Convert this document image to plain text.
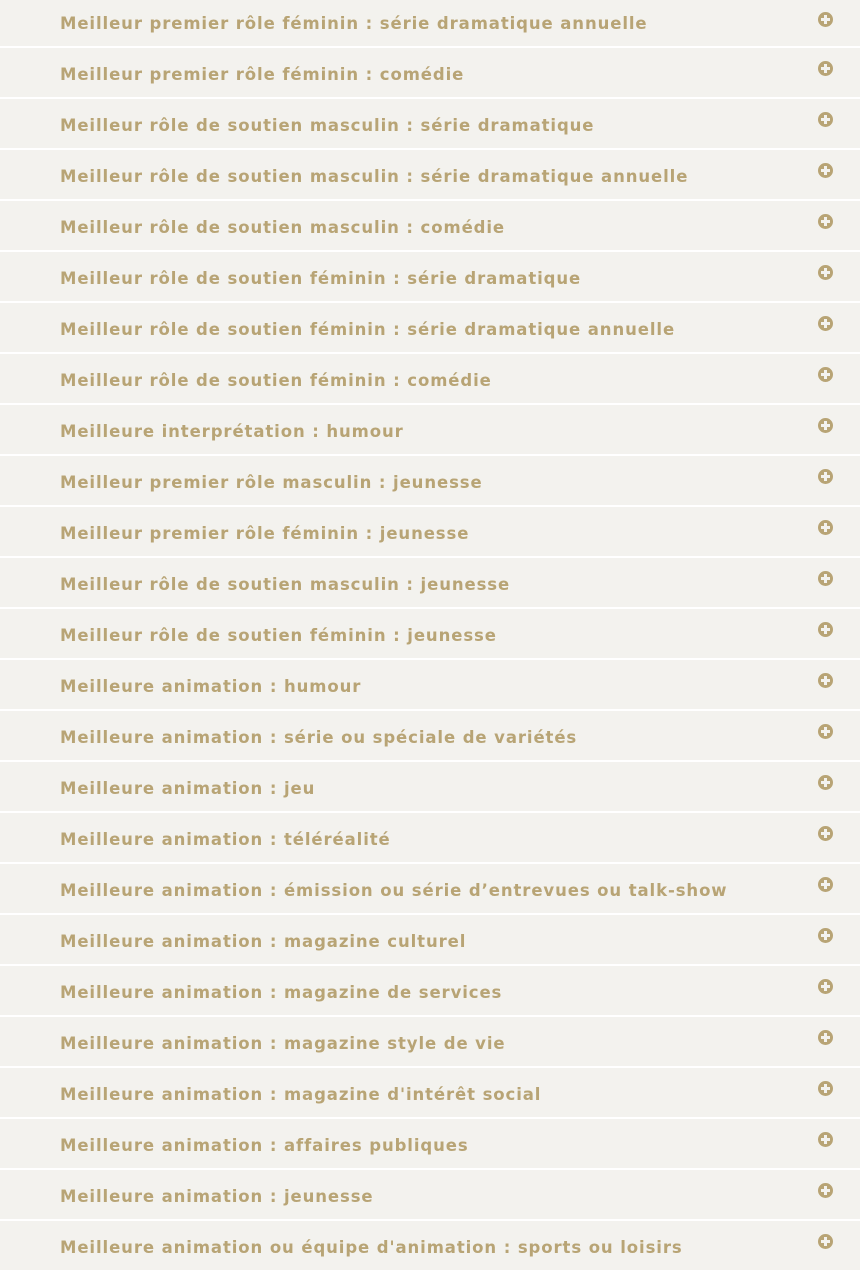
Meilleur premier rôle féminin : série dramatique annuelle
Meilleur premier rôle féminin : comédie
Meilleur rôle de soutien masculin : série dramatique
Meilleur rôle de soutien masculin : série dramatique annuelle
Meilleur rôle de soutien masculin : comédie
Meilleur rôle de soutien féminin : série dramatique
Meilleur rôle de soutien féminin : série dramatique annuelle
Meilleur rôle de soutien féminin : comédie
Meilleure interprétation : humour
Meilleur premier rôle masculin : jeunesse
Meilleur premier rôle féminin : jeunesse
Meilleur rôle de soutien masculin : jeunesse
Meilleur rôle de soutien féminin : jeunesse
Meilleure animation : humour
Meilleure animation : série ou spéciale de variétés
Meilleure animation : jeu
Meilleure animation : téléréalité
Meilleure animation : émission ou série d’entrevues ou talk-show
Meilleure animation : magazine culturel
Meilleure animation : magazine de services
Meilleure animation : magazine style de vie
Meilleure animation : magazine d'intérêt social
Meilleure animation : affaires publiques
Meilleure animation : jeunesse
Meilleure animation ou équipe d'animation : sports ou loisirs
